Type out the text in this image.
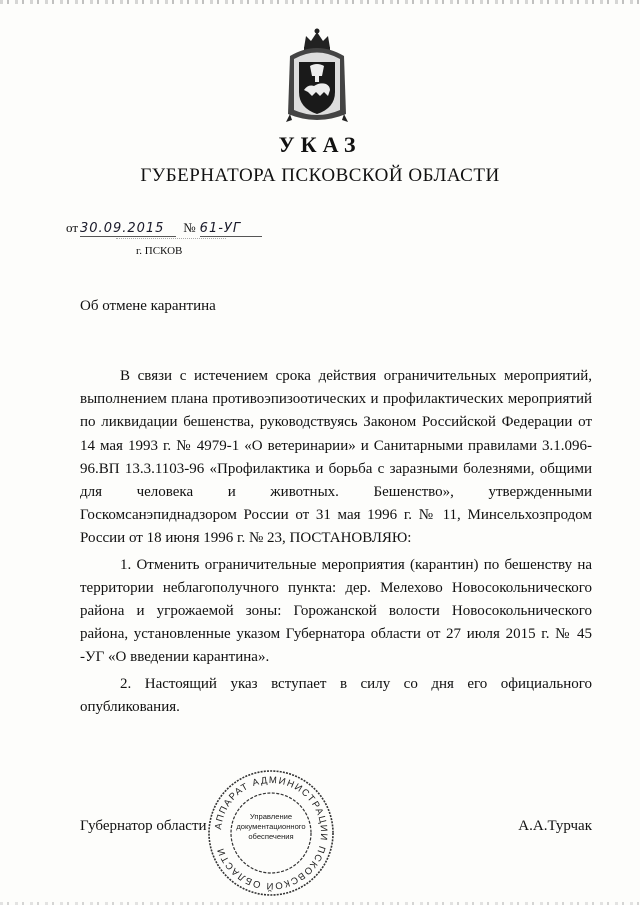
УКАЗ
ГУБЕРНАТОРА ПСКОВСКОЙ ОБЛАСТИ
от 30.09.2015 № 61-УГ
г. ПСКОВ
Об отмене карантина

В связи с истечением срока действия ограничительных мероприятий, выполнением плана противоэпизоотических и профилактических мероприятий по ликвидации бешенства, руководствуясь Законом Российской Федерации от 14 мая 1993 г. № 4979-1 «О ветеринарии» и Санитарными правилами 3.1.096-96.ВП 13.3.1103-96 «Профилактика и борьба с заразными болезнями, общими для человека и животных. Бешенство», утвержденными Госкомсанэпиднадзором России от 31 мая 1996 г. № 11, Минсельхозпродом России от 18 июня 1996 г. № 23, ПОСТАНОВЛЯЮ:

1. Отменить ограничительные мероприятия (карантин) по бешенству на территории неблагополучного пункта: дер. Мелехово Новосокольнического района и угрожаемой зоны: Горожанской волости Новосокольнического района, установленные указом Губернатора области от 27 июля 2015 г. № 45 -УГ «О введении карантина».

2. Настоящий указ вступает в силу со дня его официального опубликования.

Губернатор области АППАРАТ АДМИНИСТРАЦИИ ПСКОВСКОЙ ОБЛАСТИ
Управление документационного обеспечения
А.А.Турчак
